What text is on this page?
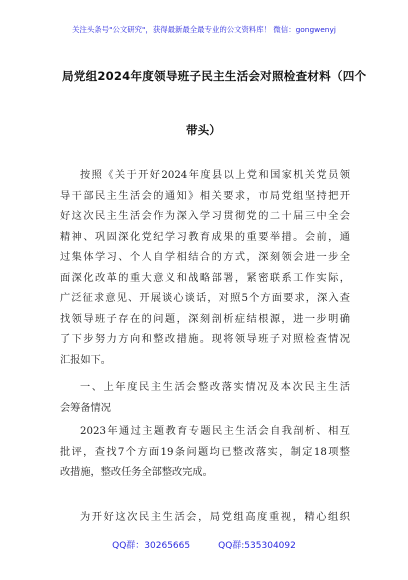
关注头条号"公文研究"，获得最新最全最专业的公文资料库！ 微信：gongwenyj
局党组2024年度领导班子民主生活会对照检查材料（四个
带头）
按照《关于开好2024年度县以上党和国家机关党员领
导干部民主生活会的通知》相关要求，市局党组坚持把开
好这次民主生活会作为深入学习贯彻党的二十届三中全会
精神、巩固深化党纪学习教育成果的重要举措。会前，通
过集体学习、个人自学相结合的方式，深刻领会进一步全
面深化改革的重大意义和战略部署，紧密联系工作实际，
广泛征求意见、开展谈心谈话，对照5个方面要求，深入查
找领导班子存在的问题，深刻剖析症结根源，进一步明确
了下步努力方向和整改措施。现将领导班子对照检查情况
汇报如下。
一、上年度民主生活会整改落实情况及本次民主生活
会筹备情况
2023年通过主题教育专题民主生活会自我剖析、相互
批评，查找7个方面19条问题均已整改落实，制定18项整
改措施，整改任务全部整改完成。
为开好这次民主生活会，局党组高度重视，精心组织
QQ群：30265665	QQ群:535304092
